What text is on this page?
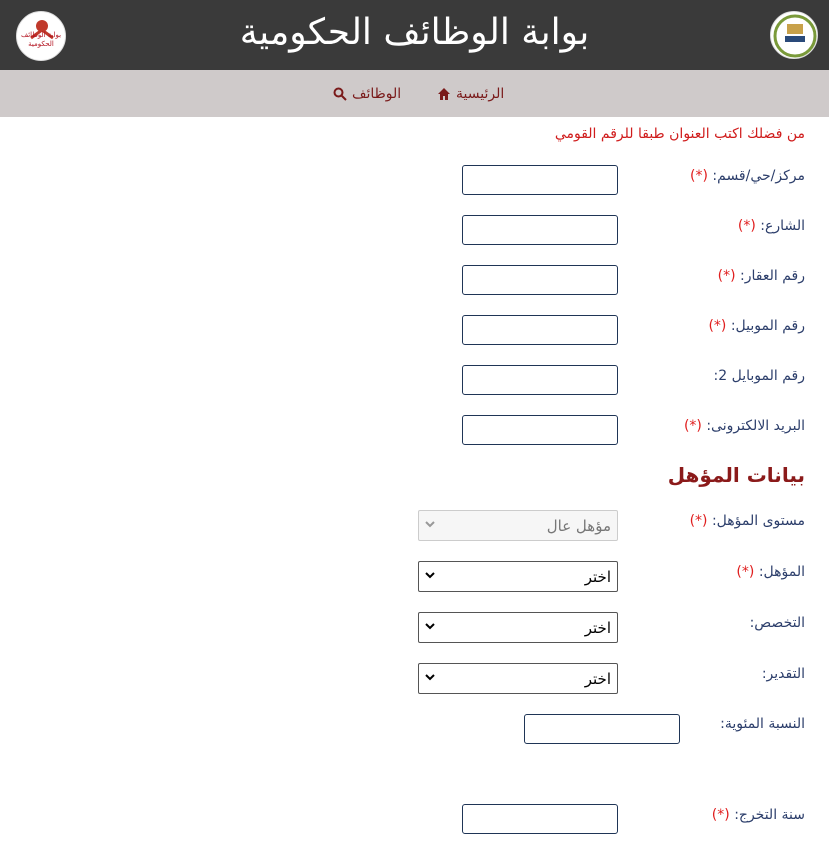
بوابة الوظائف الحكومية	بوابة الوظائف الحكومية
الرئيسية
الوظائف
من فضلك اكتب العنوان طبقا للرقم القومي
مركز/حي/قسم: (*)
الشارع: (*)
رقم العقار: (*)
رقم الموبيل: (*)
رقم الموبايل 2:
البريد الالكترونى: (*)
بيانات المؤهل
مستوى المؤهل: (*)
مؤهل عال
المؤهل: (*)
اختر
التخصص:
اختر
التقدير:
اختر
النسبة المئوية:
سنة التخرج: (*)
